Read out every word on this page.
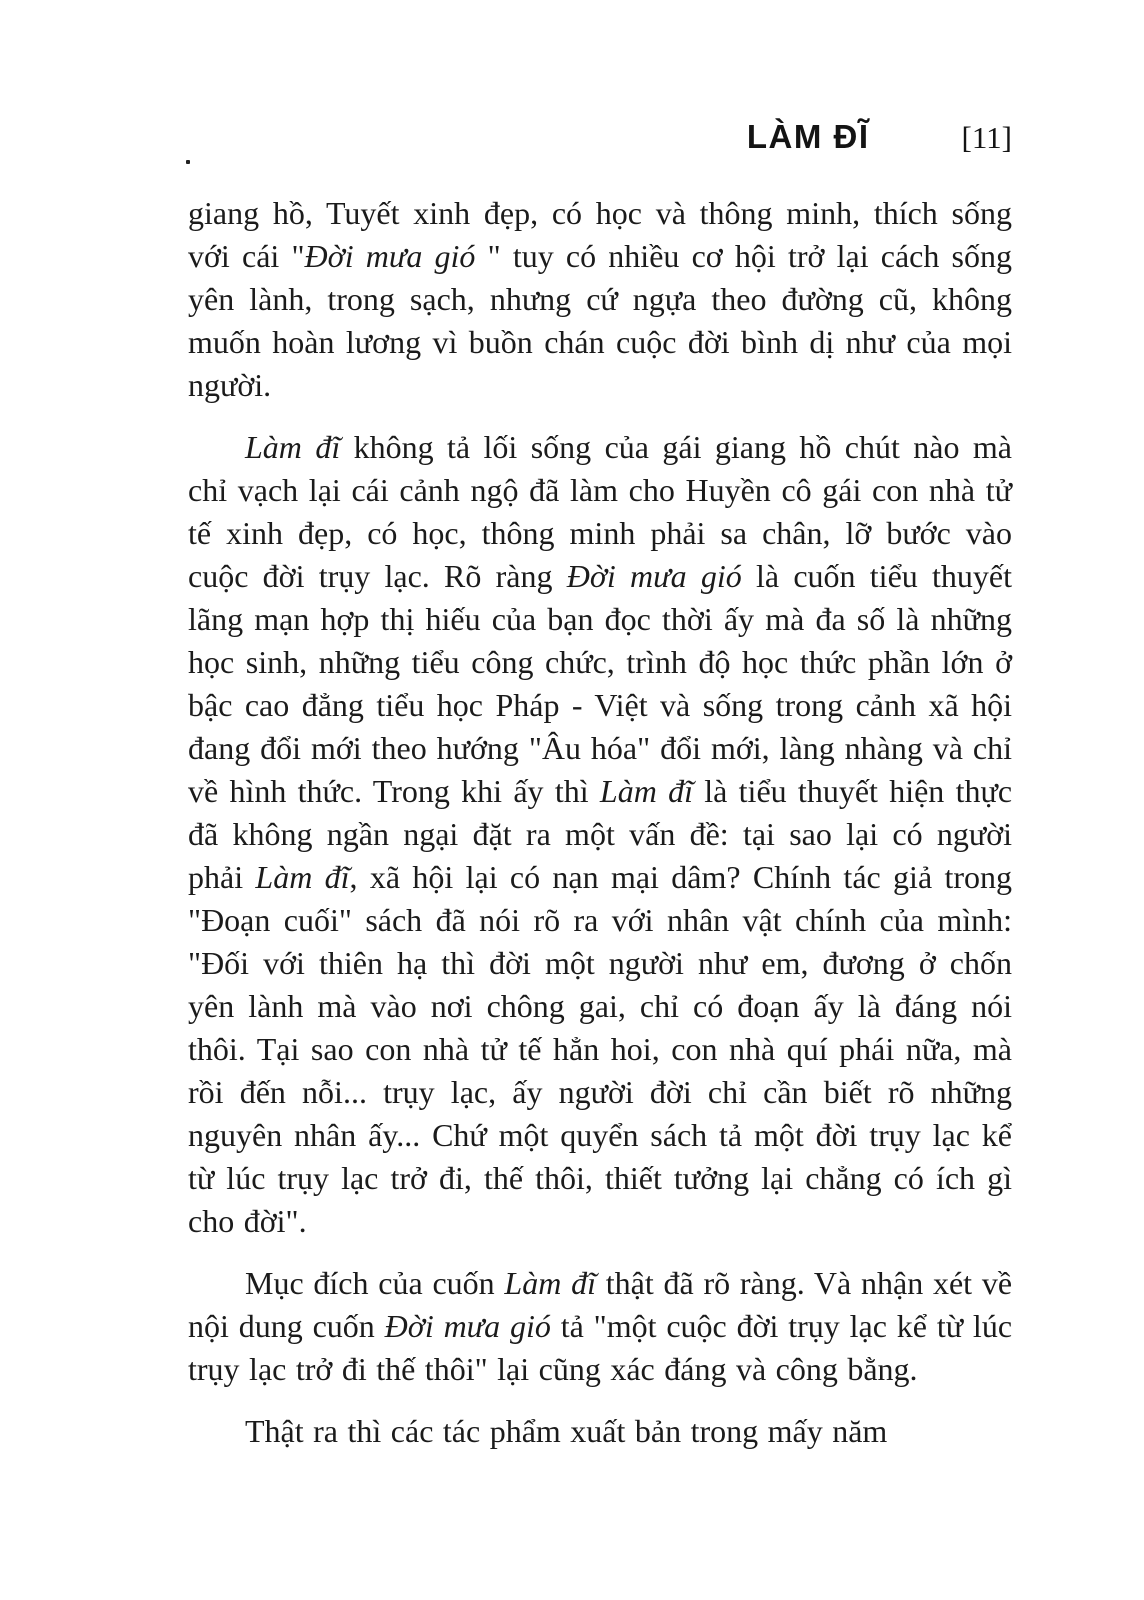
LÀM ĐĨ	[11]

giang hồ, Tuyết xinh đẹp, có học và thông minh, thích sống với cái "Đời mưa gió " tuy có nhiều cơ hội trở lại cách sống yên lành, trong sạch, nhưng cứ ngựa theo đường cũ, không muốn hoàn lương vì buồn chán cuộc đời bình dị như của mọi người.

Làm đĩ không tả lối sống của gái giang hồ chút nào mà chỉ vạch lại cái cảnh ngộ đã làm cho Huyền cô gái con nhà tử tế xinh đẹp, có học, thông minh phải sa chân, lỡ bước vào cuộc đời trụy lạc. Rõ ràng Đời mưa gió là cuốn tiểu thuyết lãng mạn hợp thị hiếu của bạn đọc thời ấy mà đa số là những học sinh, những tiểu công chức, trình độ học thức phần lớn ở bậc cao đẳng tiểu học Pháp - Việt và sống trong cảnh xã hội đang đổi mới theo hướng "Âu hóa" đổi mới, làng nhàng và chỉ về hình thức. Trong khi ấy thì Làm đĩ là tiểu thuyết hiện thực đã không ngần ngại đặt ra một vấn đề: tại sao lại có người phải Làm đĩ, xã hội lại có nạn mại dâm? Chính tác giả trong "Đoạn cuối" sách đã nói rõ ra với nhân vật chính của mình: "Đối với thiên hạ thì đời một người như em, đương ở chốn yên lành mà vào nơi chông gai, chỉ có đoạn ấy là đáng nói thôi. Tại sao con nhà tử tế hẳn hoi, con nhà quí phái nữa, mà rồi đến nỗi... trụy lạc, ấy người đời chỉ cần biết rõ những nguyên nhân ấy... Chứ một quyển sách tả một đời trụy lạc kể từ lúc trụy lạc trở đi, thế thôi, thiết tưởng lại chẳng có ích gì cho đời".

Mục đích của cuốn Làm đĩ thật đã rõ ràng. Và nhận xét về nội dung cuốn Đời mưa gió tả "một cuộc đời trụy lạc kể từ lúc trụy lạc trở đi thế thôi" lại cũng xác đáng và công bằng.

Thật ra thì các tác phẩm xuất bản trong mấy năm
